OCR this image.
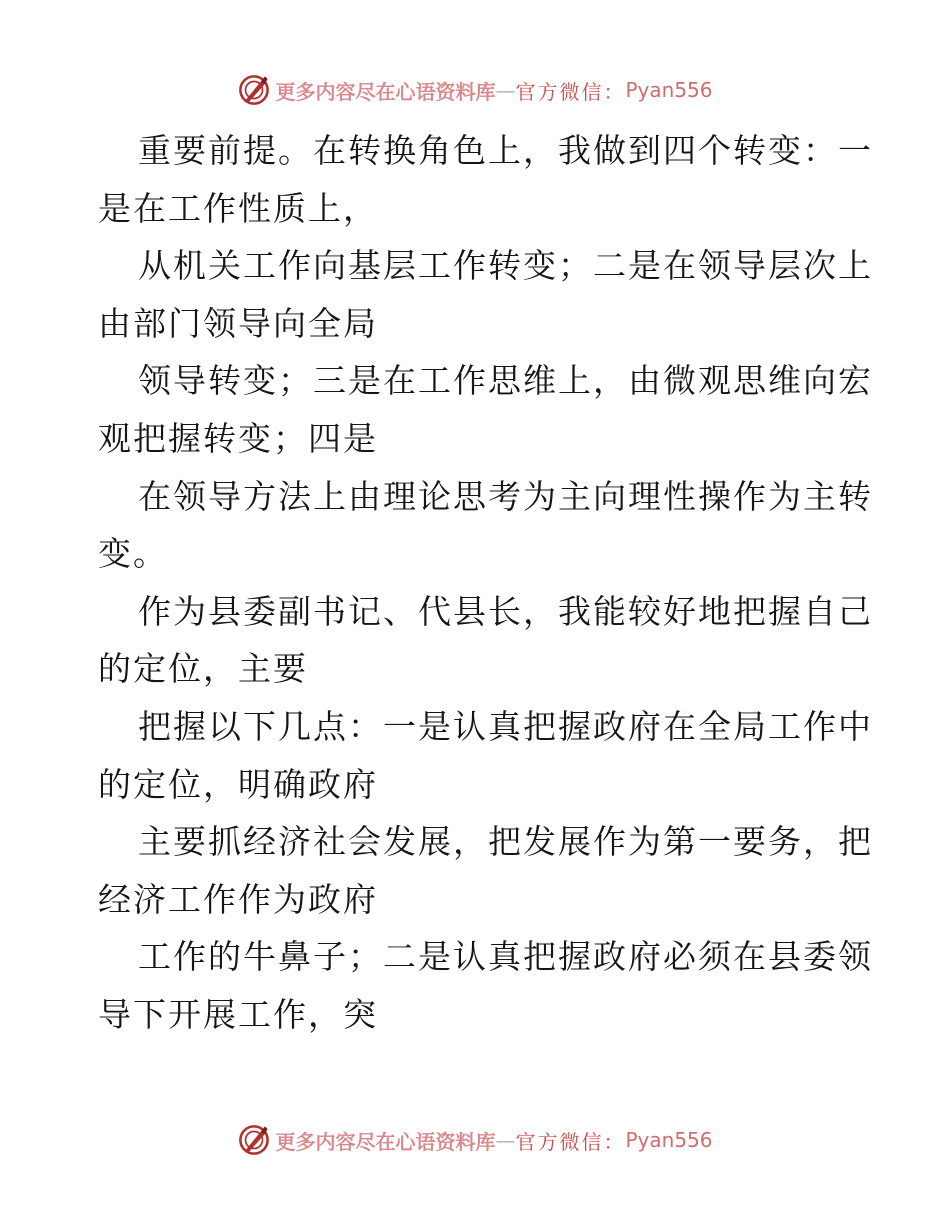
更多内容尽在心语资料库 — 官方微信： Pyan556
重要前提。在转换角色上，我做到四个转变：一
是在工作性质上，
从机关工作向基层工作转变；二是在领导层次上
由部门领导向全局
领导转变；三是在工作思维上，由微观思维向宏
观把握转变；四是
在领导方法上由理论思考为主向理性操作为主转
变。
作为县委副书记、代县长，我能较好地把握自己
的定位，主要
把握以下几点：一是认真把握政府在全局工作中
的定位，明确政府
主要抓经济社会发展，把发展作为第一要务，把
经济工作作为政府
工作的牛鼻子；二是认真把握政府必须在县委领
导下开展工作，突
更多内容尽在心语资料库 — 官方微信： Pyan556
